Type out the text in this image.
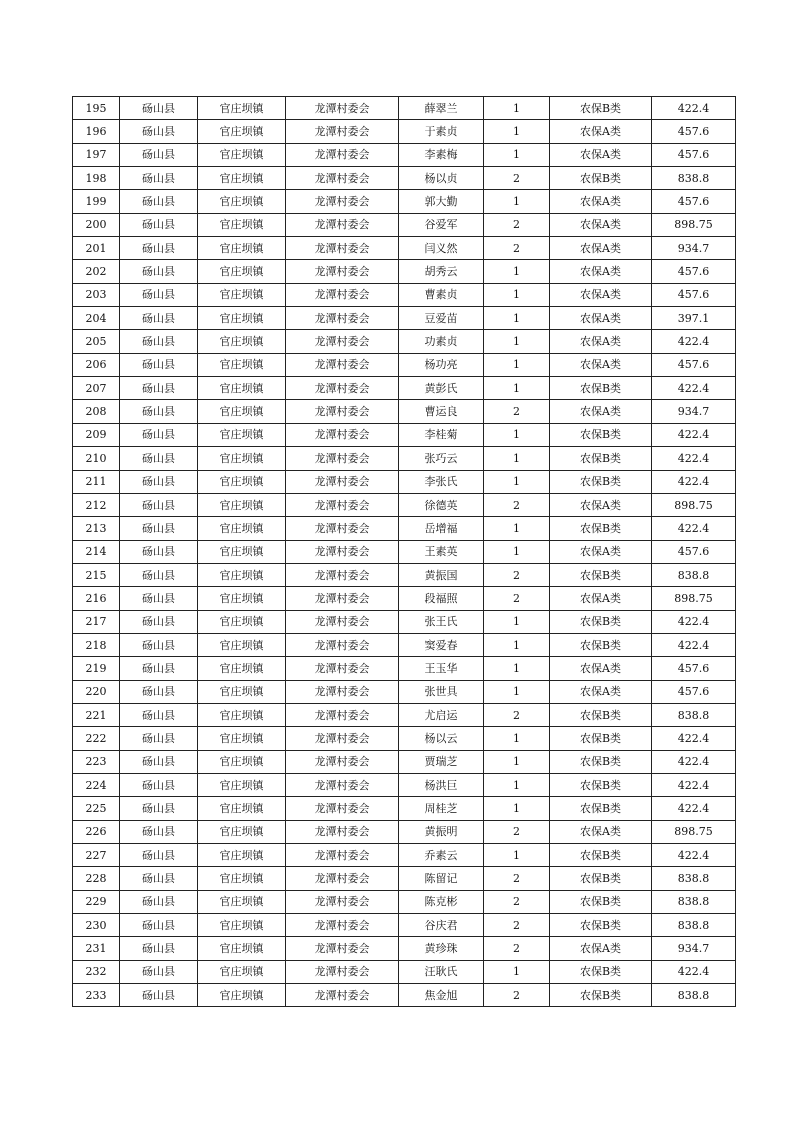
195	砀山县	官庄坝镇	龙潭村委会	薛翠兰	1	农保B类	422.4
196	砀山县	官庄坝镇	龙潭村委会	于素贞	1	农保A类	457.6
197	砀山县	官庄坝镇	龙潭村委会	李素梅	1	农保A类	457.6
198	砀山县	官庄坝镇	龙潭村委会	杨以贞	2	农保B类	838.8
199	砀山县	官庄坝镇	龙潭村委会	郭大勤	1	农保A类	457.6
200	砀山县	官庄坝镇	龙潭村委会	谷爱军	2	农保A类	898.75
201	砀山县	官庄坝镇	龙潭村委会	闫义然	2	农保A类	934.7
202	砀山县	官庄坝镇	龙潭村委会	胡秀云	1	农保A类	457.6
203	砀山县	官庄坝镇	龙潭村委会	曹素贞	1	农保A类	457.6
204	砀山县	官庄坝镇	龙潭村委会	豆爱苗	1	农保A类	397.1
205	砀山县	官庄坝镇	龙潭村委会	功素贞	1	农保A类	422.4
206	砀山县	官庄坝镇	龙潭村委会	杨功亮	1	农保A类	457.6
207	砀山县	官庄坝镇	龙潭村委会	黄彭氏	1	农保B类	422.4
208	砀山县	官庄坝镇	龙潭村委会	曹运良	2	农保A类	934.7
209	砀山县	官庄坝镇	龙潭村委会	李桂菊	1	农保B类	422.4
210	砀山县	官庄坝镇	龙潭村委会	张巧云	1	农保B类	422.4
211	砀山县	官庄坝镇	龙潭村委会	李张氏	1	农保B类	422.4
212	砀山县	官庄坝镇	龙潭村委会	徐德英	2	农保A类	898.75
213	砀山县	官庄坝镇	龙潭村委会	岳增福	1	农保B类	422.4
214	砀山县	官庄坝镇	龙潭村委会	王素英	1	农保A类	457.6
215	砀山县	官庄坝镇	龙潭村委会	黄振国	2	农保B类	838.8
216	砀山县	官庄坝镇	龙潭村委会	段福照	2	农保A类	898.75
217	砀山县	官庄坝镇	龙潭村委会	张王氏	1	农保B类	422.4
218	砀山县	官庄坝镇	龙潭村委会	窦爱春	1	农保B类	422.4
219	砀山县	官庄坝镇	龙潭村委会	王玉华	1	农保A类	457.6
220	砀山县	官庄坝镇	龙潭村委会	张世具	1	农保A类	457.6
221	砀山县	官庄坝镇	龙潭村委会	尤启运	2	农保B类	838.8
222	砀山县	官庄坝镇	龙潭村委会	杨以云	1	农保B类	422.4
223	砀山县	官庄坝镇	龙潭村委会	贾瑞芝	1	农保B类	422.4
224	砀山县	官庄坝镇	龙潭村委会	杨洪巨	1	农保B类	422.4
225	砀山县	官庄坝镇	龙潭村委会	周桂芝	1	农保B类	422.4
226	砀山县	官庄坝镇	龙潭村委会	黄振明	2	农保A类	898.75
227	砀山县	官庄坝镇	龙潭村委会	乔素云	1	农保B类	422.4
228	砀山县	官庄坝镇	龙潭村委会	陈留记	2	农保B类	838.8
229	砀山县	官庄坝镇	龙潭村委会	陈克彬	2	农保B类	838.8
230	砀山县	官庄坝镇	龙潭村委会	谷庆君	2	农保B类	838.8
231	砀山县	官庄坝镇	龙潭村委会	黄珍珠	2	农保A类	934.7
232	砀山县	官庄坝镇	龙潭村委会	汪耿氏	1	农保B类	422.4
233	砀山县	官庄坝镇	龙潭村委会	焦金旭	2	农保B类	838.8
